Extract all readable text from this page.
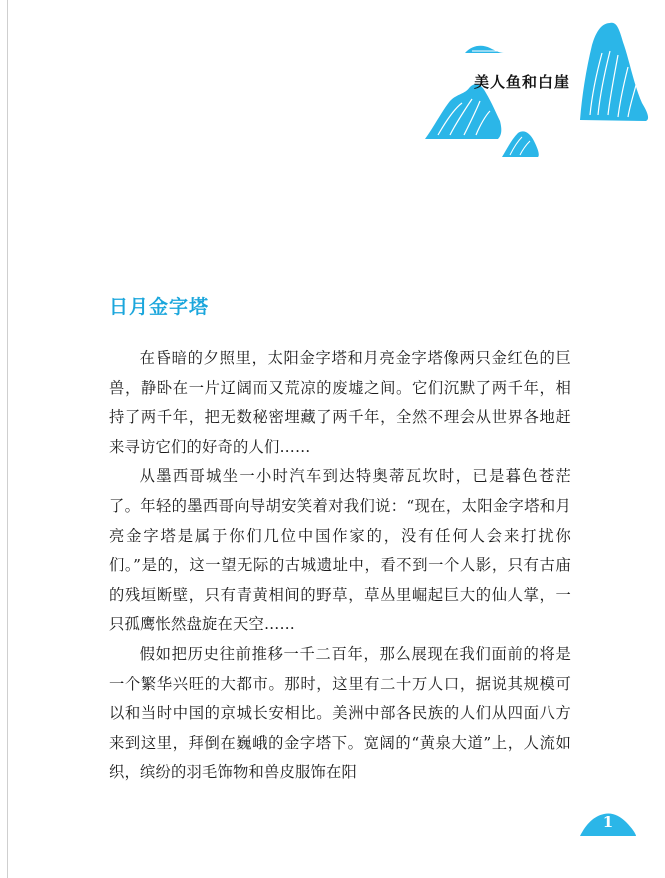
美人鱼和白崖
日月金字塔

在昏暗的夕照里，太阳金字塔和月亮金字塔像两只金红色的巨兽，静卧在一片辽阔而又荒凉的废墟之间。它们沉默了两千年，相持了两千年，把无数秘密埋藏了两千年，全然不理会从世界各地赶来寻访它们的好奇的人们……

从墨西哥城坐一小时汽车到达特奥蒂瓦坎时，已是暮色苍茫了。年轻的墨西哥向导胡安笑着对我们说：“现在，太阳金字塔和月亮金字塔是属于你们几位中国作家的，没有任何人会来打扰你们。”是的，这一望无际的古城遗址中，看不到一个人影，只有古庙的残垣断壁，只有青黄相间的野草，草丛里崛起巨大的仙人掌，一只孤鹰怅然盘旋在天空……

假如把历史往前推移一千二百年，那么展现在我们面前的将是一个繁华兴旺的大都市。那时，这里有二十万人口，据说其规模可以和当时中国的京城长安相比。美洲中部各民族的人们从四面八方来到这里，拜倒在巍峨的金字塔下。宽阔的“黄泉大道”上，人流如织，缤纷的羽毛饰物和兽皮服饰在阳

1
